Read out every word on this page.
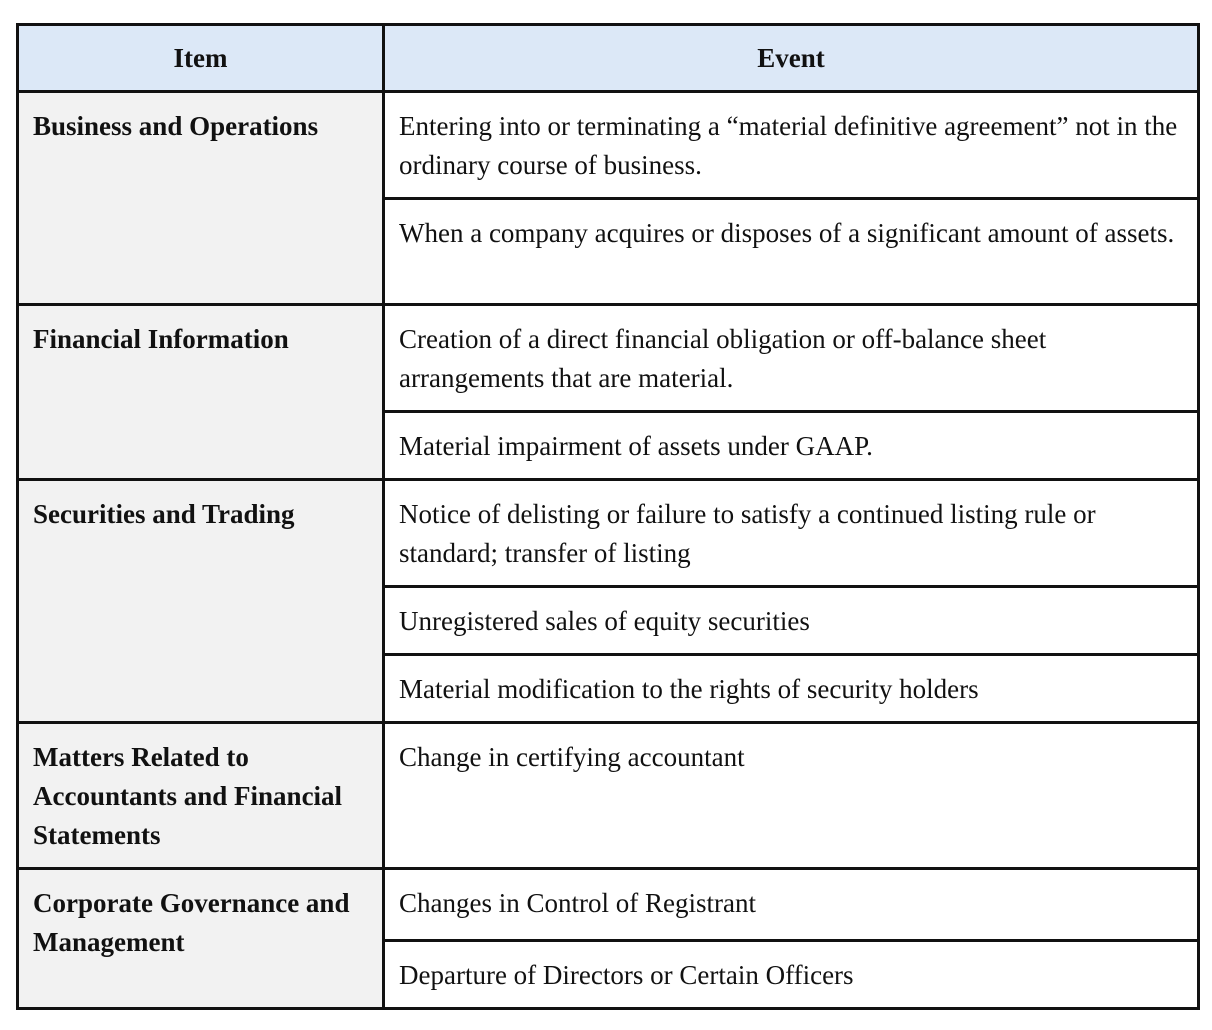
Item	Event
Business and Operations	Entering into or terminating a “material definitive agreement” not in the ordinary course of business.
	When a company acquires or disposes of a significant amount of assets.
Financial Information	Creation of a direct financial obligation or off-balance sheet arrangements that are material.
	Material impairment of assets under GAAP.
Securities and Trading	Notice of delisting or failure to satisfy a continued listing rule or standard; transfer of listing
	Unregistered sales of equity securities
	Material modification to the rights of security holders
Matters Related to Accountants and Financial Statements	Change in certifying accountant
Corporate Governance and Management	Changes in Control of Registrant
	Departure of Directors or Certain Officers
